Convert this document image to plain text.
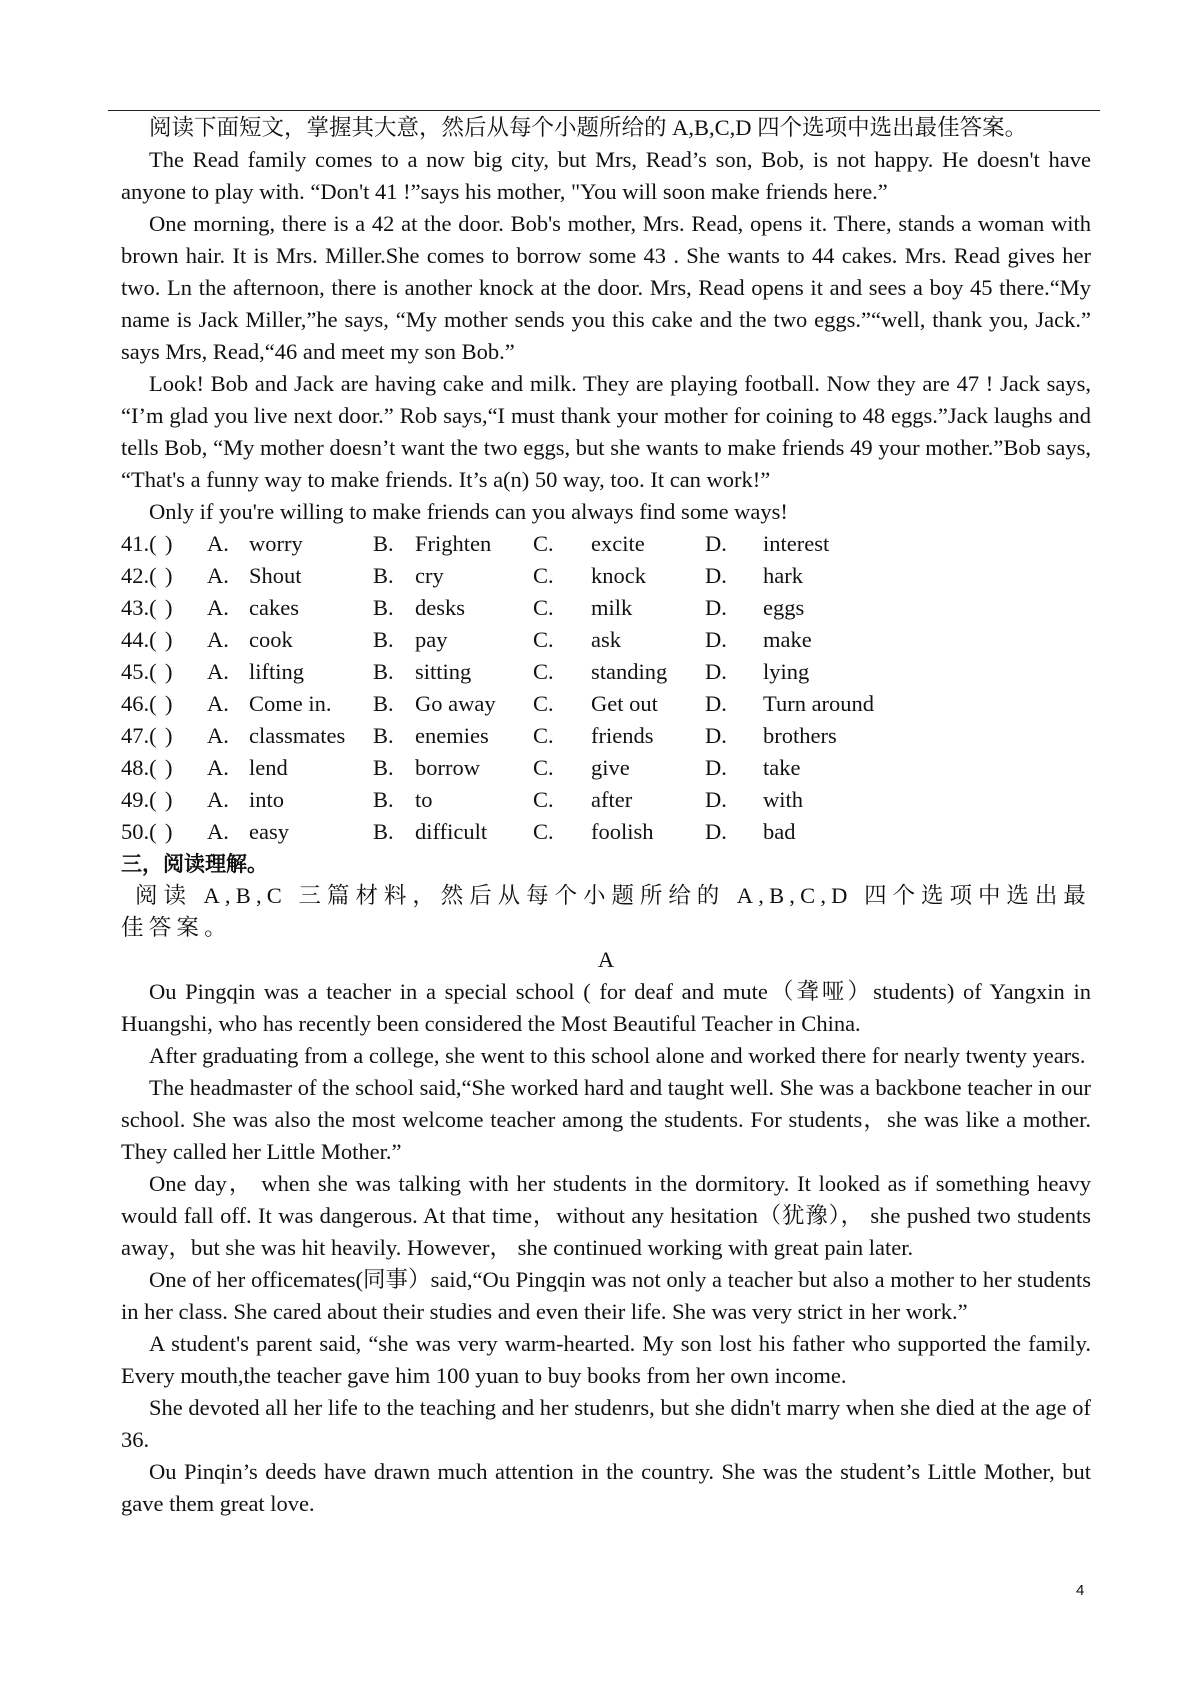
阅读下面短文，掌握其大意，然后从每个小题所给的 A,B,C,D 四个选项中选出最佳答案。

The Read family comes to a now big city, but Mrs, Read’s son, Bob, is not happy. He doesn't have anyone to play with. “Don't 41 !”says his mother, "You will soon make friends here.”

One morning, there is a 42 at the door. Bob's mother, Mrs. Read, opens it. There, stands a woman with brown hair. It is Mrs. Miller.She comes to borrow some 43 . She wants to 44 cakes. Mrs. Read gives her two. Ln the afternoon, there is another knock at the door. Mrs, Read opens it and sees a boy 45 there.“My name is Jack Miller,”he says, “My mother sends you this cake and the two eggs.”“well, thank you, Jack.” says Mrs, Read,“46 and meet my son Bob.”

Look! Bob and Jack are having cake and milk. They are playing football. Now they are 47 ! Jack says, “I’m glad you live next door.” Rob says,“I must thank your mother for coining to 48 eggs.”Jack laughs and tells Bob, “My mother doesn’t want the two eggs, but she wants to make friends 49 your mother.”Bob says, “That's a funny way to make friends. It’s a(n) 50 way, too. It can work!”

Only if you're willing to make friends can you always find some ways!

41.( ) A. worry	B. Frighten C. excite	D. interest
42.( ) A. Shout	B. cry	C. knock	D. hark
43.( ) A. cakes	B. desks	C. milk	D. eggs
44.( ) A. cook	B. pay	C. ask	D. make
45.( ) A. lifting	B. sitting	C. standing D. lying
46.( ) A. Come in. B. Go away C. Get out D. Turn around
47.( ) A. classmates B. enemies C. friends D. brothers
48.( ) A. lend	B. borrow C. give	D. take
49.( ) A. into	B. to	C. after	D. with
50.( ) A. easy	B. difficult C. foolish D. bad

三，阅读理解。

阅读 A,B,C 三篇材料，然后从每个小题所给的 A,B,C,D 四个选项中选出最佳答案。

A

Ou Pingqin was a teacher in a special school ( for deaf and mute（聋哑）students) of Yangxin in Huangshi, who has recently been considered the Most Beautiful Teacher in China.

After graduating from a college, she went to this school alone and worked there for nearly twenty years.

The headmaster of the school said,“She worked hard and taught well. She was a backbone teacher in our school. She was also the most welcome teacher among the students. For students，she was like a mother. They called her Little Mother.”

One day， when she was talking with her students in the dormitory. It looked as if something heavy would fall off. It was dangerous. At that time，without any hesitation（犹豫）， she pushed two students away，but she was hit heavily. However， she continued working with great pain later.

One of her officemates(同事）said,“Ou Pingqin was not only a teacher but also a mother to her students in her class. She cared about their studies and even their life. She was very strict in her work.”

A student's parent said, “she was very warm-hearted. My son lost his father who supported the family. Every mouth,the teacher gave him 100 yuan to buy books from her own income.

She devoted all her life to the teaching and her studenrs, but she didn't marry when she died at the age of 36.

Ou Pinqin’s deeds have drawn much attention in the country. She was the student’s Little Mother, but gave them great love.

4
